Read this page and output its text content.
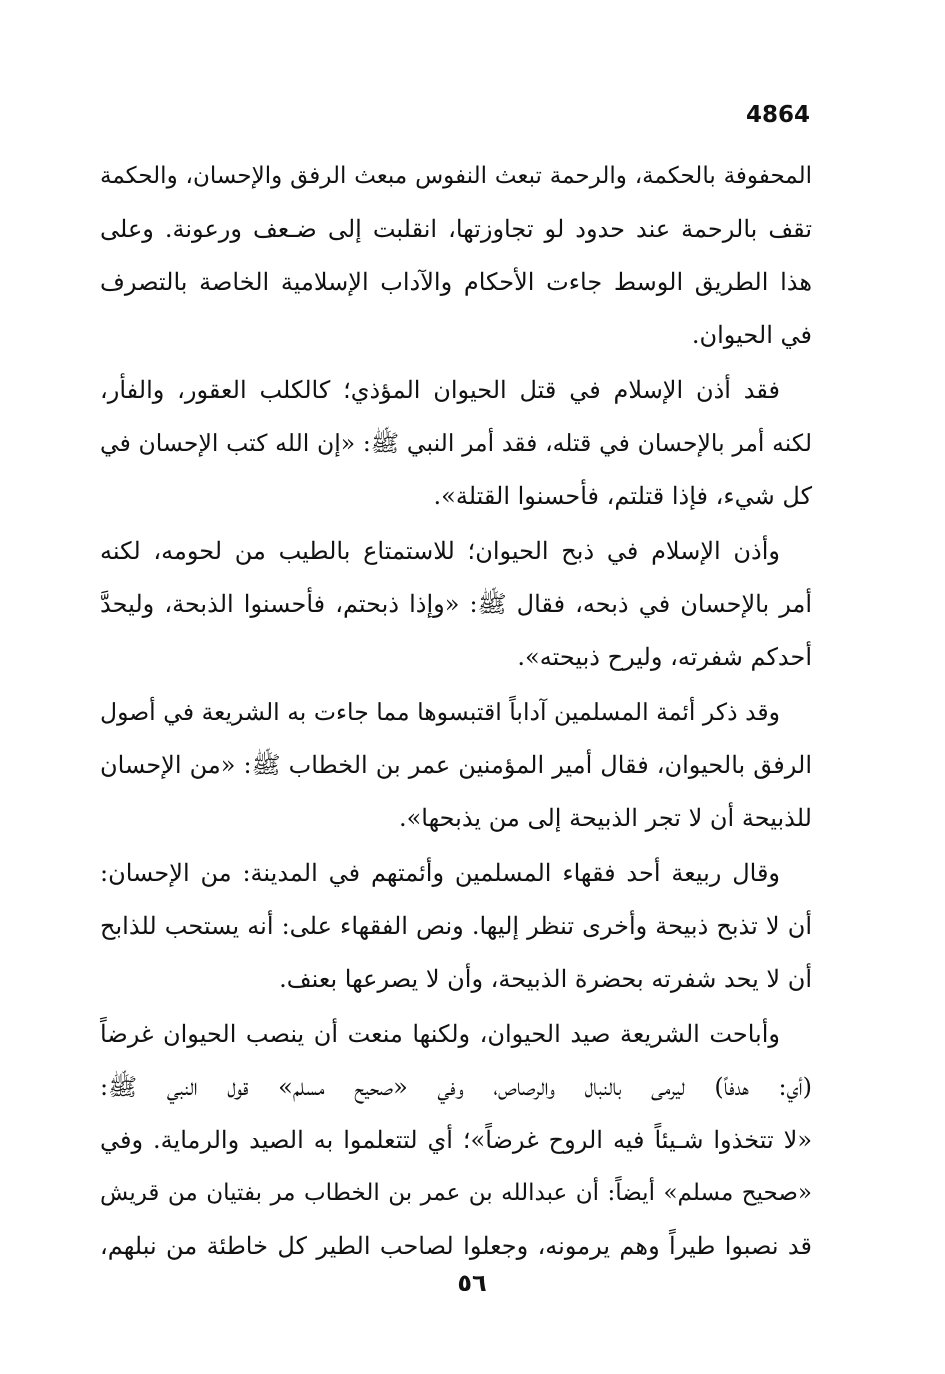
4864
المحفوفة بالحكمة، والرحمة تبعث النفوس مبعث الرفق والإحسان، والحكمة
تقف بالرحمة عند حدود لو تجاوزتها، انقلبت إلى ضـعف ورعونة. وعلى
هذا الطريق الوسط جاءت الأحكام والآداب الإسلامية الخاصة بالتصرف
في الحيوان.
فقد أذن الإسلام في قتل الحيوان المؤذي؛ كالكلب العقور، والفأر،
لكنه أمر بالإحسان في قتله، فقد أمر النبي ﷺ: «إن الله كتب الإحسان في
كل شيء، فإذا قتلتم، فأحسنوا القتلة».
وأذن الإسلام في ذبح الحيوان؛ للاستمتاع بالطيب من لحومه، لكنه
أمر بالإحسان في ذبحه، فقال ﷺ: «وإذا ذبحتم، فأحسنوا الذبحة، وليحدَّ
أحدكم شفرته، وليرح ذبيحته».
وقد ذكر أئمة المسلمين آداباً اقتبسوها مما جاءت به الشريعة في أصول
الرفق بالحيوان، فقال أمير المؤمنين عمر بن الخطاب ﷺ: «من الإحسان
للذبيحة أن لا تجر الذبيحة إلى من يذبحها».
وقال ربيعة أحد فقهاء المسلمين وأئمتهم في المدينة: من الإحسان:
أن لا تذبح ذبيحة وأخرى تنظر إليها. ونص الفقهاء على: أنه يستحب للذابح
أن لا يحد شفرته بحضرة الذبيحة، وأن لا يصرعها بعنف.
وأباحت الشريعة صيد الحيوان، ولكنها منعت أن ينصب الحيوان غرضاً
(أي: هدفاً) ليرمى بالنبال والرصاص، وفي «صحيح مسلم» قول النبي ﷺ:
«لا تتخذوا شـيئاً فيه الروح غرضاً»؛ أي لتتعلموا به الصيد والرماية. وفي
«صحيح مسلم» أيضاً: أن عبدالله بن عمر بن الخطاب مر بفتيان من قريش
قد نصبوا طيراً وهم يرمونه، وجعلوا لصاحب الطير كل خاطئة من نبلهم،
٥٦
